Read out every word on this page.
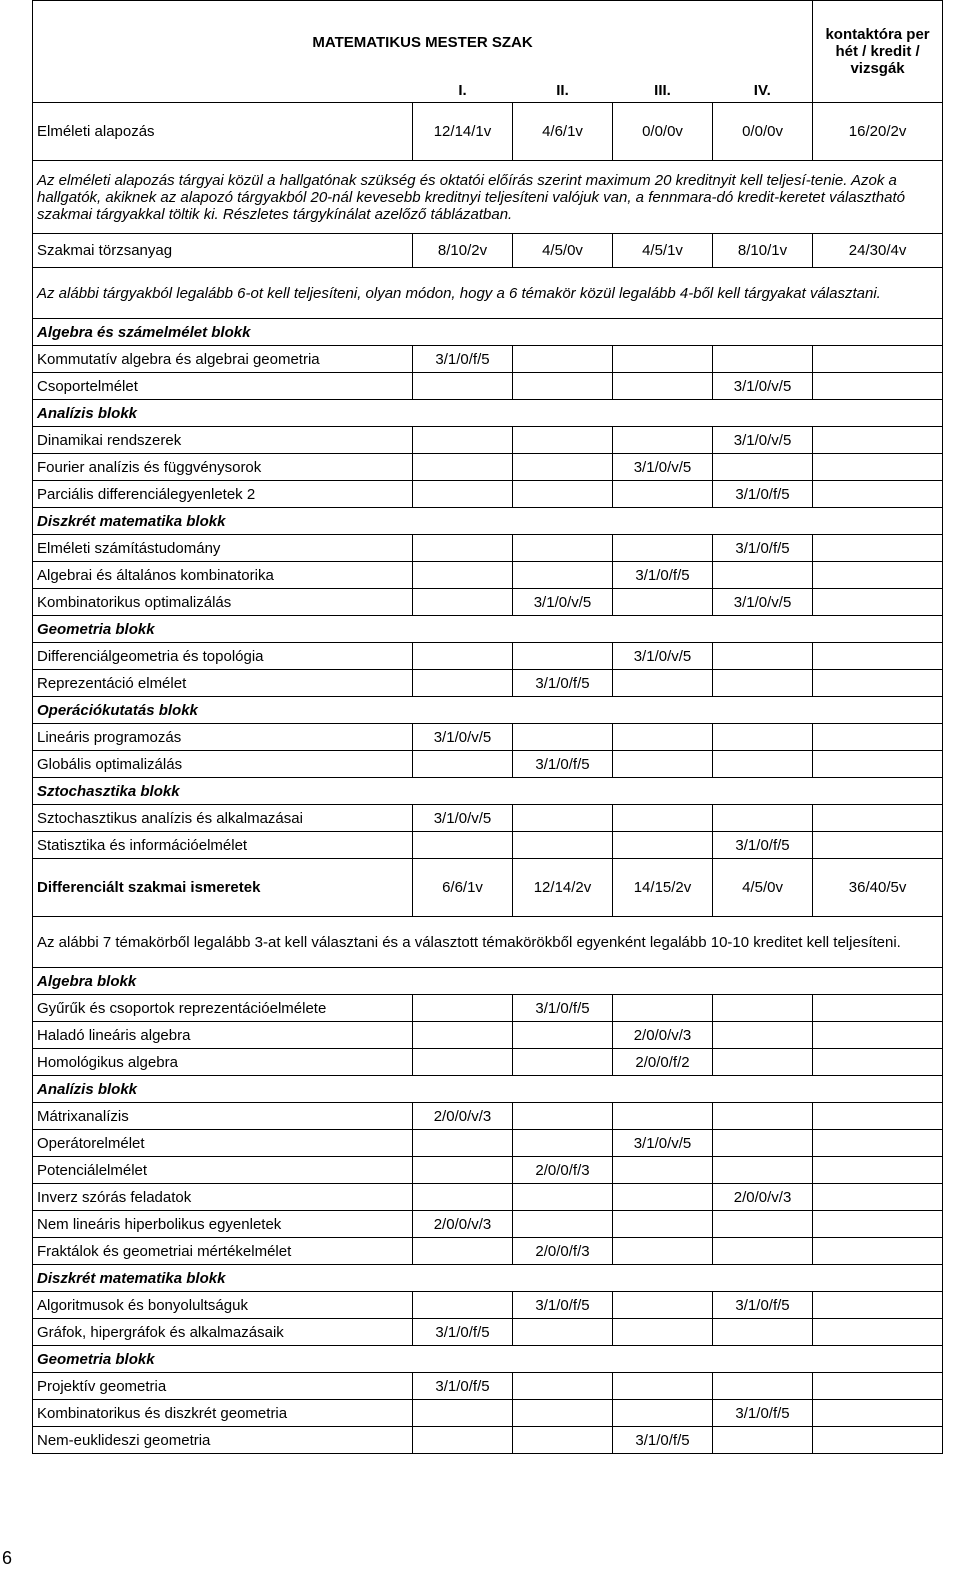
MATEMATIKUS MESTER SZAK					kontaktóra per hét / kredit / vizsgák
	I.	II.	III.	IV.	
Elméleti alapozás	12/14/1v	4/6/1v	0/0/0v	0/0/0v	16/20/2v
Az elméleti alapozás tárgyai közül a hallgatónak szükség és oktatói előírás szerint maximum 20 kreditnyit kell teljesí-tenie. Azok a hallgatók, akiknek az alapozó tárgyakból 20-nál kevesebb kreditnyi teljesíteni valójuk van, a fennmara-dó kredit-keretet választható szakmai tárgyakkal töltik ki. Részletes tárgykínálat azelőző táblázatban.					
Szakmai törzsanyag	8/10/2v	4/5/0v	4/5/1v	8/10/1v	24/30/4v
Az alábbi tárgyakból legalább 6-ot kell teljesíteni, olyan módon, hogy a 6 témakör közül legalább 4-ből kell tárgyakat választani.					
Algebra és számelmélet blokk					
Kommutatív algebra és algebrai geometria	3/1/0/f/5				
Csoportelmélet				3/1/0/v/5	
Analízis blokk					
Dinamikai rendszerek				3/1/0/v/5	
Fourier analízis és függvénysorok			3/1/0/v/5		
Parciális differenciálegyenletek 2				3/1/0/f/5	
Diszkrét matematika blokk					
Elméleti számítástudomány				3/1/0/f/5	
Algebrai és általános kombinatorika			3/1/0/f/5		
Kombinatorikus optimalizálás		3/1/0/v/5		3/1/0/v/5	
Geometria blokk					
Differenciálgeometria és topológia			3/1/0/v/5		
Reprezentáció elmélet		3/1/0/f/5			
Operációkutatás blokk					
Lineáris programozás	3/1/0/v/5				
Globális optimalizálás		3/1/0/f/5			
Sztochasztika blokk					
Sztochasztikus analízis és alkalmazásai	3/1/0/v/5				
Statisztika és információelmélet				3/1/0/f/5	
Differenciált szakmai ismeretek	6/6/1v	12/14/2v	14/15/2v	4/5/0v	36/40/5v
Az alábbi 7 témakörből legalább 3-at kell választani és a választott témakörökből egyenként legalább 10-10 kreditet kell teljesíteni.					
Algebra blokk					
Gyűrűk és csoportok reprezentációelmélete		3/1/0/f/5			
Haladó lineáris algebra			2/0/0/v/3		
Homológikus algebra			2/0/0/f/2		
Analízis blokk					
Mátrixanalízis	2/0/0/v/3				
Operátorelmélet			3/1/0/v/5		
Potenciálelmélet		2/0/0/f/3			
Inverz szórás feladatok				2/0/0/v/3	
Nem lineáris hiperbolikus egyenletek	2/0/0/v/3				
Fraktálok és geometriai mértékelmélet		2/0/0/f/3			
Diszkrét matematika blokk					
Algoritmusok és bonyolultságuk		3/1/0/f/5		3/1/0/f/5	
Gráfok, hipergráfok és alkalmazásaik	3/1/0/f/5				
Geometria blokk					
Projektív geometria	3/1/0/f/5				
Kombinatorikus és diszkrét geometria				3/1/0/f/5	
Nem-euklideszi geometria			3/1/0/f/5		
6
